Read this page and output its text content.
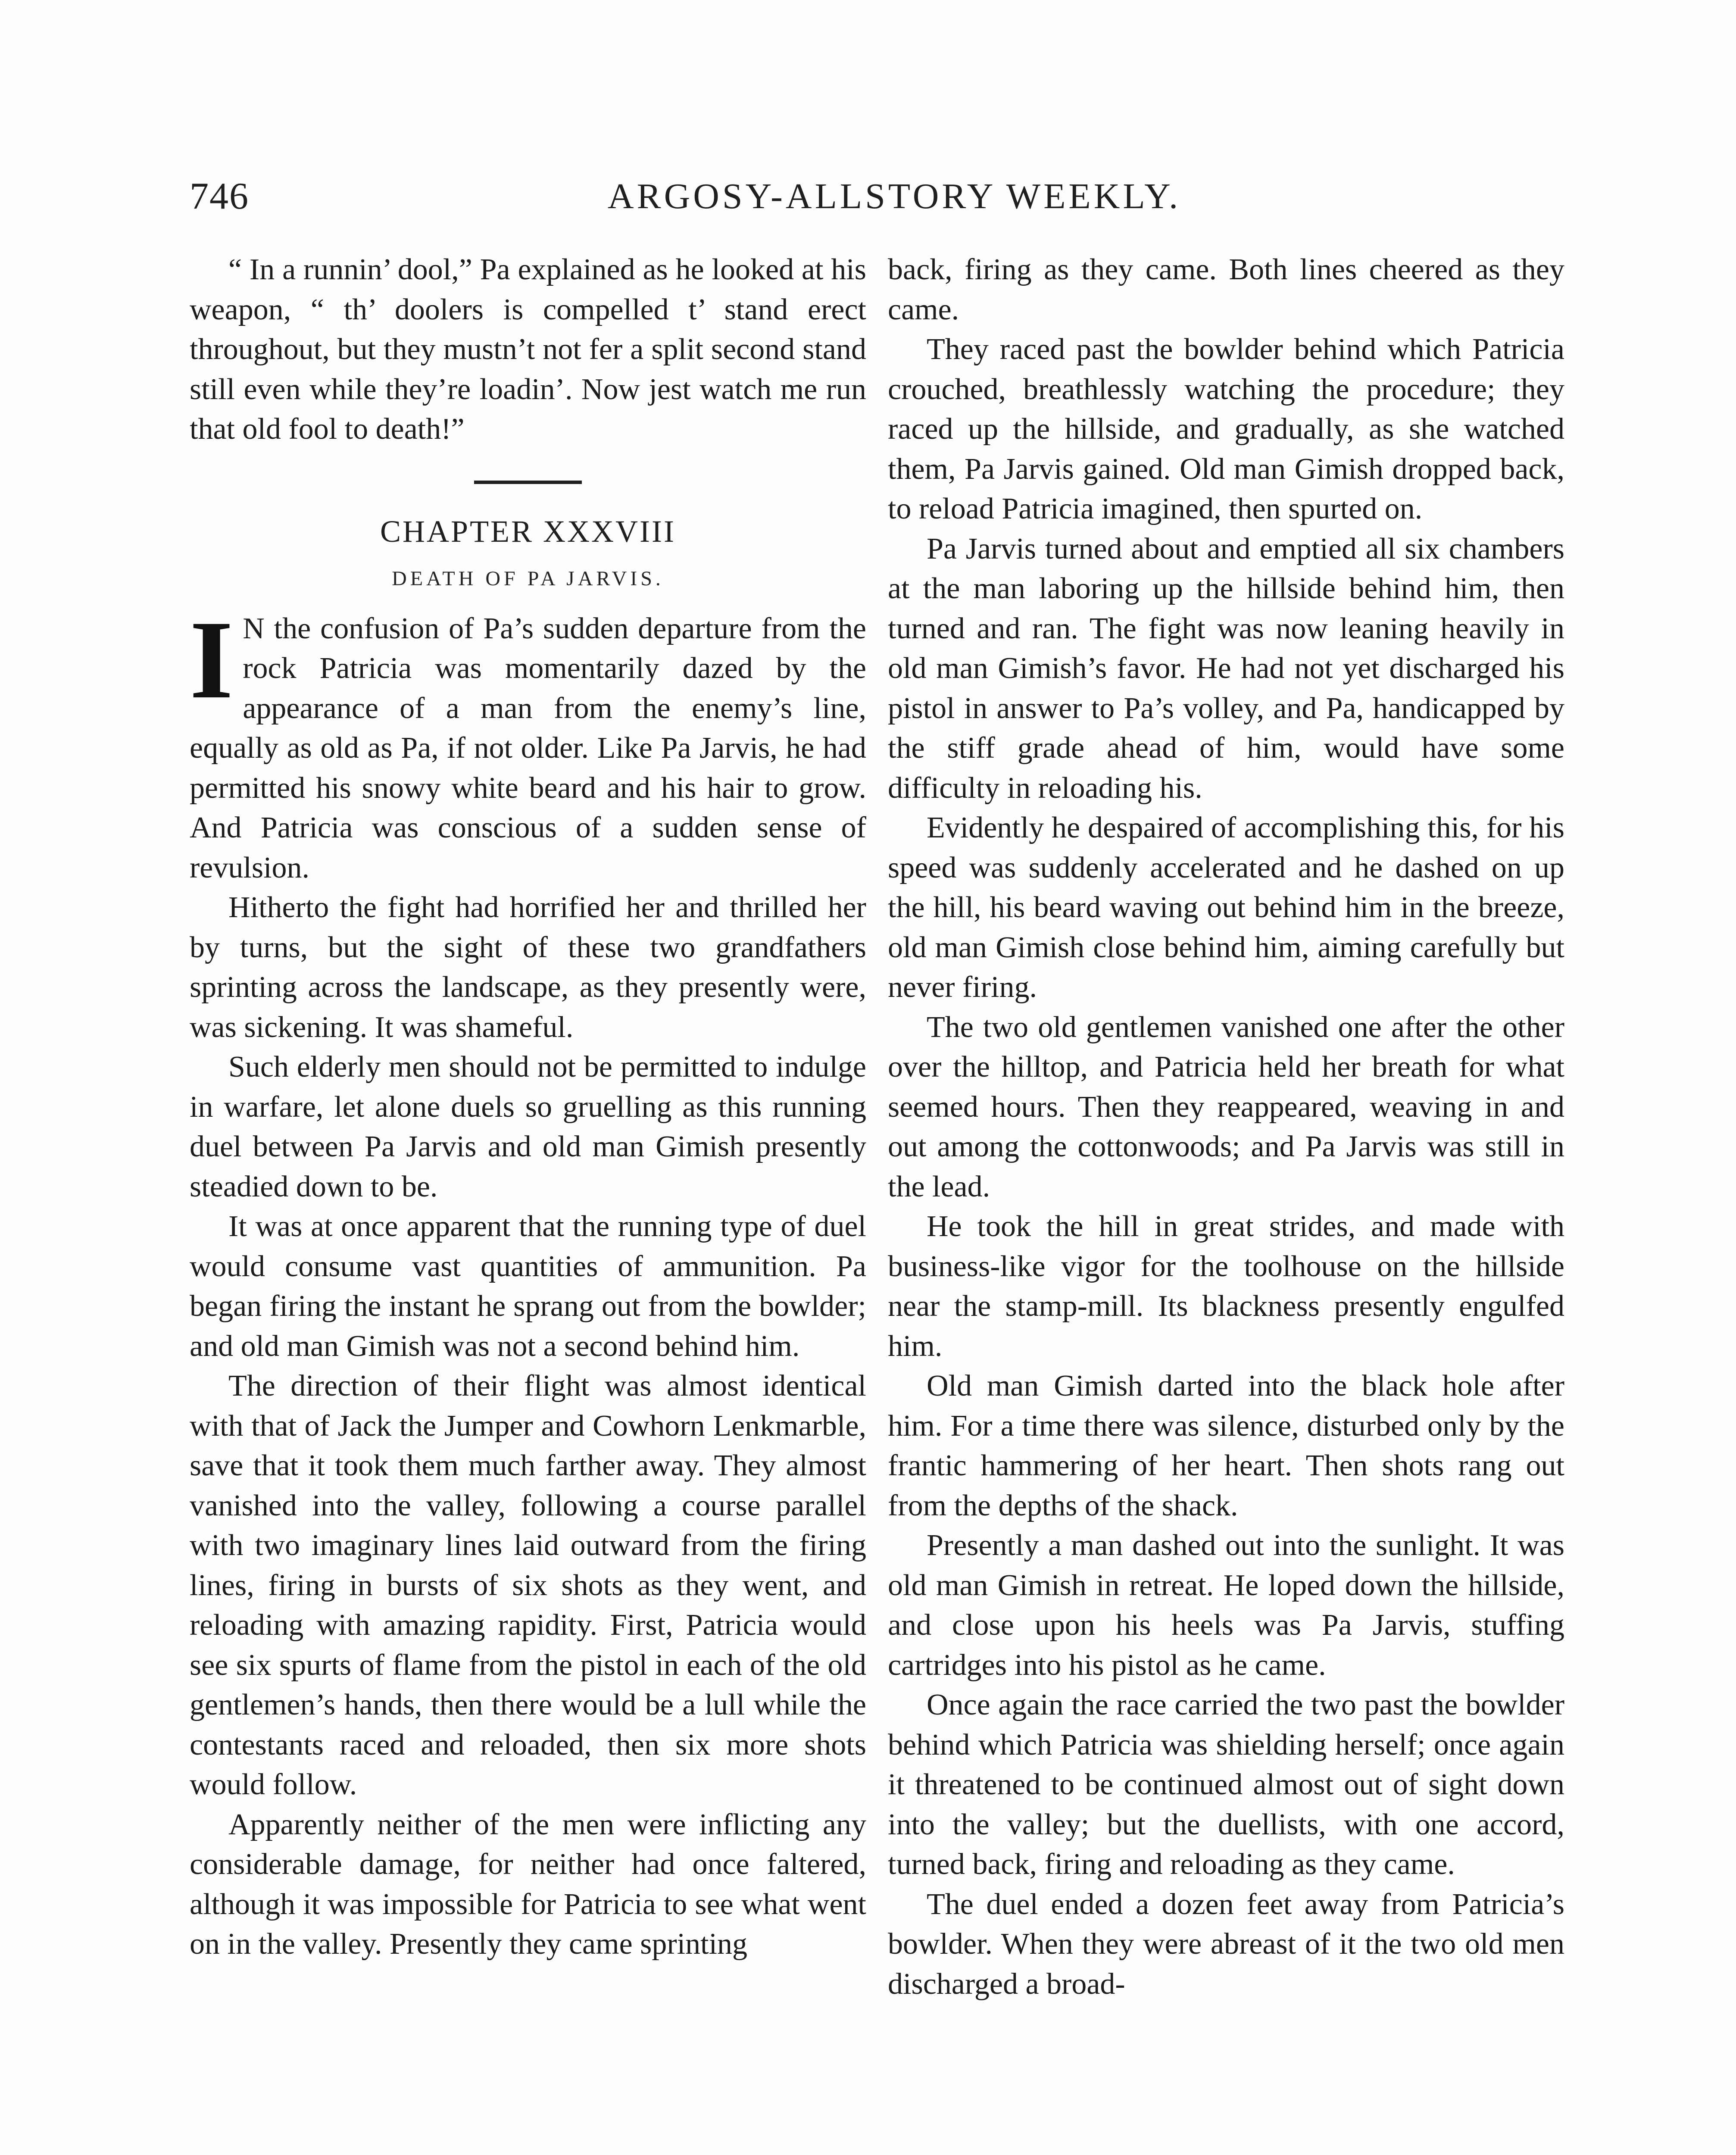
746	ARGOSY-ALLSTORY WEEKLY.

“ In a runnin’ dool,” Pa explained as he looked at his weapon, “ th’ doolers is compelled t’ stand erect throughout, but they mustn’t not fer a split second stand still even while they’re loadin’. Now jest watch me run that old fool to death!”

CHAPTER XXXVIII
DEATH OF PA JARVIS.

I N the confusion of Pa’s sudden departure from the rock Patricia was momentarily dazed by the appearance of a man from the enemy’s line, equally as old as Pa, if not older. Like Pa Jarvis, he had permitted his snowy white beard and his hair to grow. And Patricia was conscious of a sudden sense of revulsion.

Hitherto the fight had horrified her and thrilled her by turns, but the sight of these two grandfathers sprinting across the landscape, as they presently were, was sickening. It was shameful.

Such elderly men should not be permitted to indulge in warfare, let alone duels so gruelling as this running duel between Pa Jarvis and old man Gimish presently steadied down to be.

It was at once apparent that the running type of duel would consume vast quantities of ammunition. Pa began firing the instant he sprang out from the bowlder; and old man Gimish was not a second behind him.

The direction of their flight was almost identical with that of Jack the Jumper and Cowhorn Lenkmarble, save that it took them much farther away. They almost vanished into the valley, following a course parallel with two imaginary lines laid outward from the firing lines, firing in bursts of six shots as they went, and reloading with amazing rapidity. First, Patricia would see six spurts of flame from the pistol in each of the old gentlemen’s hands, then there would be a lull while the contestants raced and reloaded, then six more shots would follow.

Apparently neither of the men were inflicting any considerable damage, for neither had once faltered, although it was impossible for Patricia to see what went on in the valley. Presently they came sprinting

back, firing as they came. Both lines cheered as they came.

They raced past the bowlder behind which Patricia crouched, breathlessly watching the procedure; they raced up the hillside, and gradually, as she watched them, Pa Jarvis gained. Old man Gimish dropped back, to reload Patricia imagined, then spurted on.

Pa Jarvis turned about and emptied all six chambers at the man laboring up the hillside behind him, then turned and ran. The fight was now leaning heavily in old man Gimish’s favor. He had not yet discharged his pistol in answer to Pa’s volley, and Pa, handicapped by the stiff grade ahead of him, would have some difficulty in reloading his.

Evidently he despaired of accomplishing this, for his speed was suddenly accelerated and he dashed on up the hill, his beard waving out behind him in the breeze, old man Gimish close behind him, aiming carefully but never firing.

The two old gentlemen vanished one after the other over the hilltop, and Patricia held her breath for what seemed hours. Then they reappeared, weaving in and out among the cottonwoods; and Pa Jarvis was still in the lead.

He took the hill in great strides, and made with business-like vigor for the toolhouse on the hillside near the stamp-mill. Its blackness presently engulfed him.

Old man Gimish darted into the black hole after him. For a time there was silence, disturbed only by the frantic hammering of her heart. Then shots rang out from the depths of the shack.

Presently a man dashed out into the sunlight. It was old man Gimish in retreat. He loped down the hillside, and close upon his heels was Pa Jarvis, stuffing cartridges into his pistol as he came.

Once again the race carried the two past the bowlder behind which Patricia was shielding herself; once again it threatened to be continued almost out of sight down into the valley; but the duellists, with one accord, turned back, firing and reloading as they came.

The duel ended a dozen feet away from Patricia’s bowlder. When they were abreast of it the two old men discharged a broad-
